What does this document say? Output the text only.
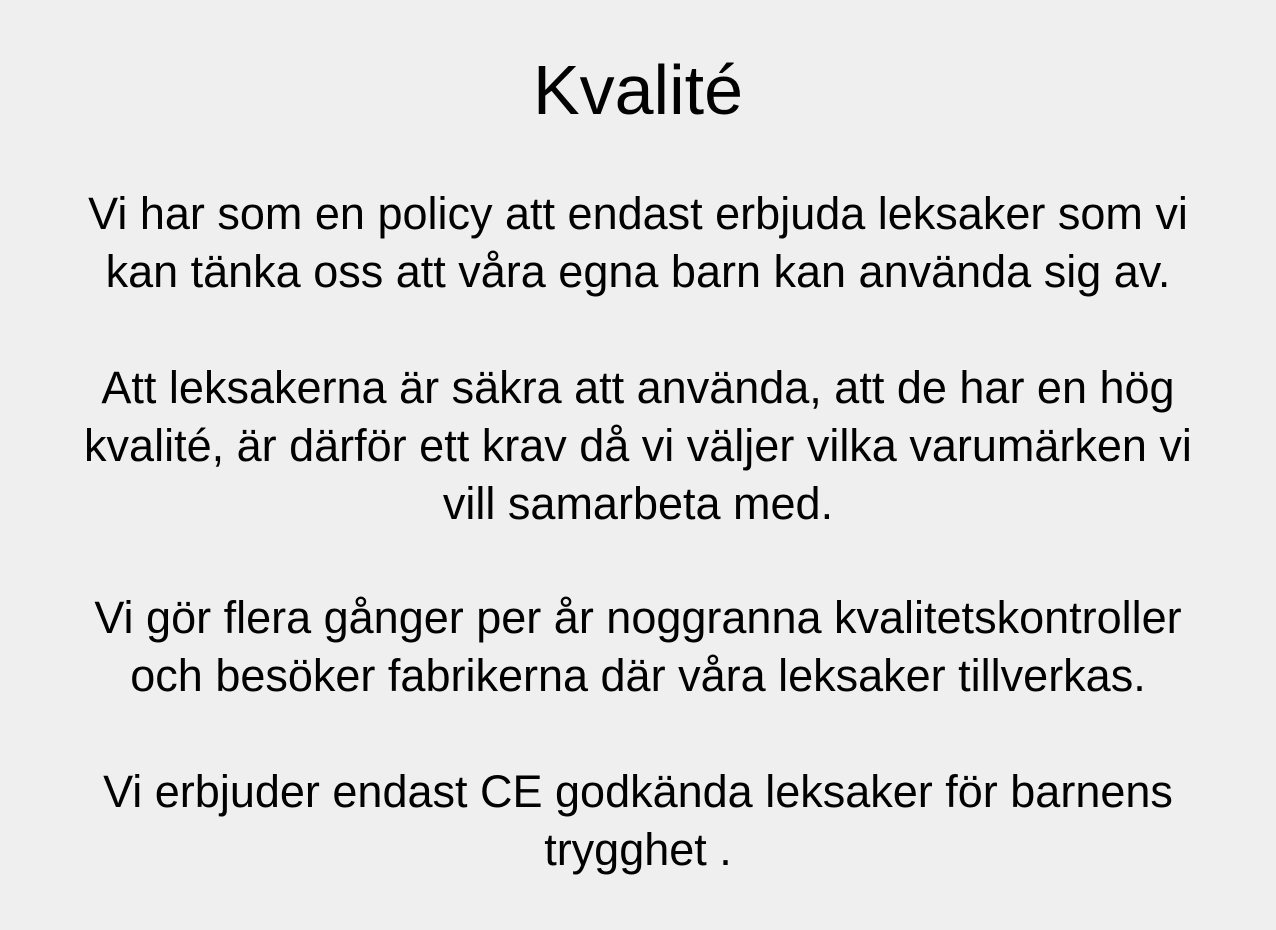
Kvalité

Vi har som en policy att endast erbjuda leksaker som vi
kan tänka oss att våra egna barn kan använda sig av.

Att leksakerna är säkra att använda, att de har en hög
kvalité, är därför ett krav då vi väljer vilka varumärken vi
vill samarbeta med.

Vi gör flera gånger per år noggranna kvalitetskontroller
och besöker fabrikerna där våra leksaker tillverkas.

Vi erbjuder endast CE godkända leksaker för barnens
trygghet .
